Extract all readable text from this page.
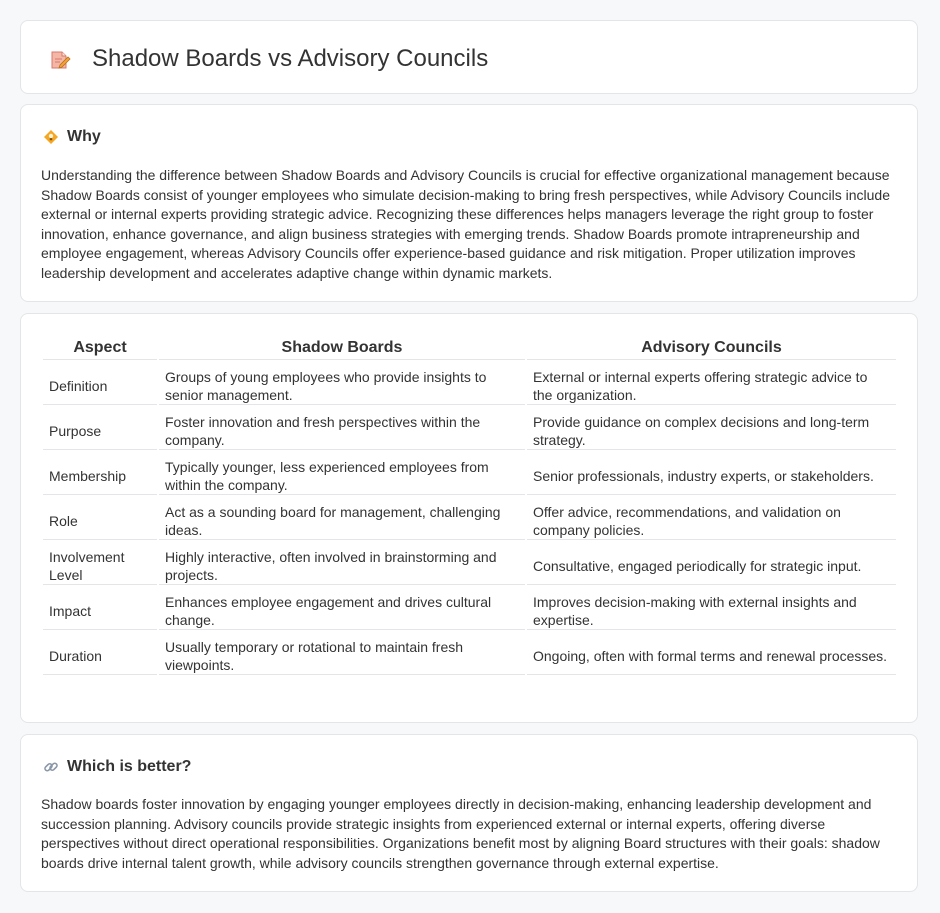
Shadow Boards vs Advisory Councils
Why

Understanding the difference between Shadow Boards and Advisory Councils is crucial for effective organizational management because Shadow Boards consist of younger employees who simulate decision-making to bring fresh perspectives, while Advisory Councils include external or internal experts providing strategic advice. Recognizing these differences helps managers leverage the right group to foster innovation, enhance governance, and align business strategies with emerging trends. Shadow Boards promote intrapreneurship and employee engagement, whereas Advisory Councils offer experience-based guidance and risk mitigation. Proper utilization improves leadership development and accelerates adaptive change within dynamic markets.

Aspect	Shadow Boards	Advisory Councils
Definition	Groups of young employees who provide insights to senior management.	External or internal experts offering strategic advice to the organization.
Purpose	Foster innovation and fresh perspectives within the company.	Provide guidance on complex decisions and long-term strategy.
Membership	Typically younger, less experienced employees from within the company.	Senior professionals, industry experts, or stakeholders.
Role	Act as a sounding board for management, challenging ideas.	Offer advice, recommendations, and validation on company policies.
Involvement Level	Highly interactive, often involved in brainstorming and projects.	Consultative, engaged periodically for strategic input.
Impact	Enhances employee engagement and drives cultural change.	Improves decision-making with external insights and expertise.
Duration	Usually temporary or rotational to maintain fresh viewpoints.	Ongoing, often with formal terms and renewal processes.
Which is better?

Shadow boards foster innovation by engaging younger employees directly in decision-making, enhancing leadership development and succession planning. Advisory councils provide strategic insights from experienced external or internal experts, offering diverse perspectives without direct operational responsibilities. Organizations benefit most by aligning Board structures with their goals: shadow boards drive internal talent growth, while advisory councils strengthen governance through external expertise.
